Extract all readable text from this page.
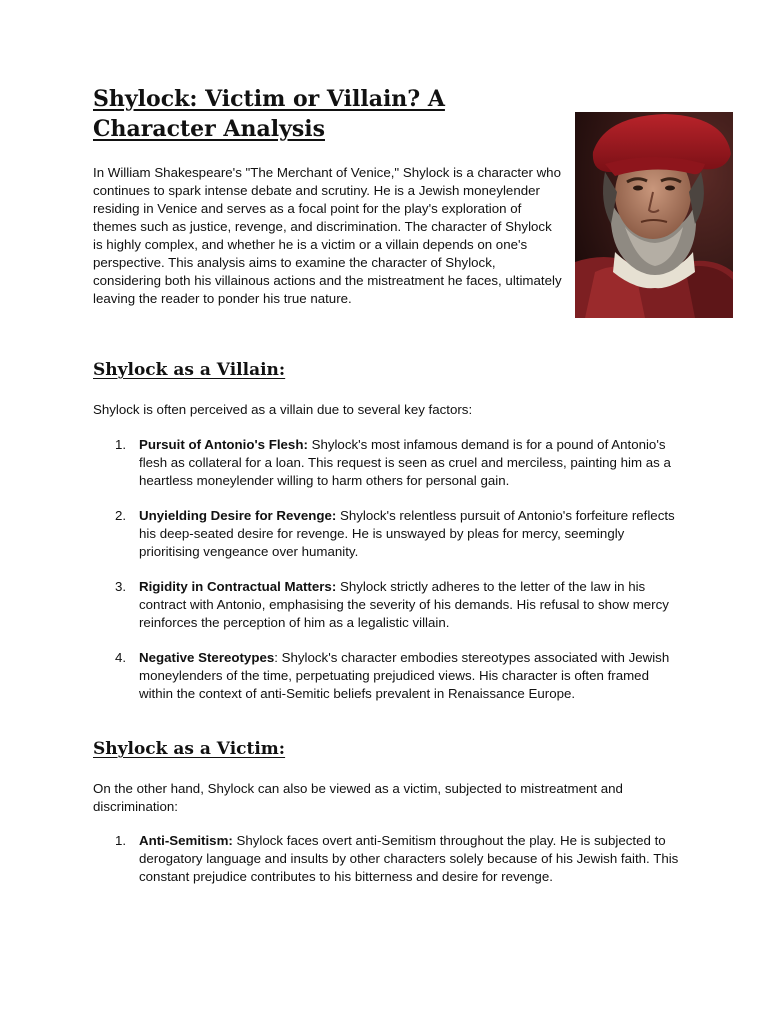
Shylock: Victim or Villain? A Character Analysis

In William Shakespeare's "The Merchant of Venice," Shylock is a character who continues to spark intense debate and scrutiny. He is a Jewish moneylender residing in Venice and serves as a focal point for the play's exploration of themes such as justice, revenge, and discrimination. The character of Shylock is highly complex, and whether he is a victim or a villain depends on one's perspective. This analysis aims to examine the character of Shylock, considering both his villainous actions and the mistreatment he faces, ultimately leaving the reader to ponder his true nature.

Shylock as a Villain:

Shylock is often perceived as a villain due to several key factors:

1. Pursuit of Antonio's Flesh: Shylock's most infamous demand is for a pound of Antonio's flesh as collateral for a loan. This request is seen as cruel and merciless, painting him as a heartless moneylender willing to harm others for personal gain.
2. Unyielding Desire for Revenge: Shylock's relentless pursuit of Antonio's forfeiture reflects his deep-seated desire for revenge. He is unswayed by pleas for mercy, seemingly prioritising vengeance over humanity.
3. Rigidity in Contractual Matters: Shylock strictly adheres to the letter of the law in his contract with Antonio, emphasising the severity of his demands. His refusal to show mercy reinforces the perception of him as a legalistic villain.
4. Negative Stereotypes: Shylock's character embodies stereotypes associated with Jewish moneylenders of the time, perpetuating prejudiced views. His character is often framed within the context of anti-Semitic beliefs prevalent in Renaissance Europe.
Shylock as a Victim:

On the other hand, Shylock can also be viewed as a victim, subjected to mistreatment and discrimination:

1. Anti-Semitism: Shylock faces overt anti-Semitism throughout the play. He is subjected to derogatory language and insults by other characters solely because of his Jewish faith. This constant prejudice contributes to his bitterness and desire for revenge.
